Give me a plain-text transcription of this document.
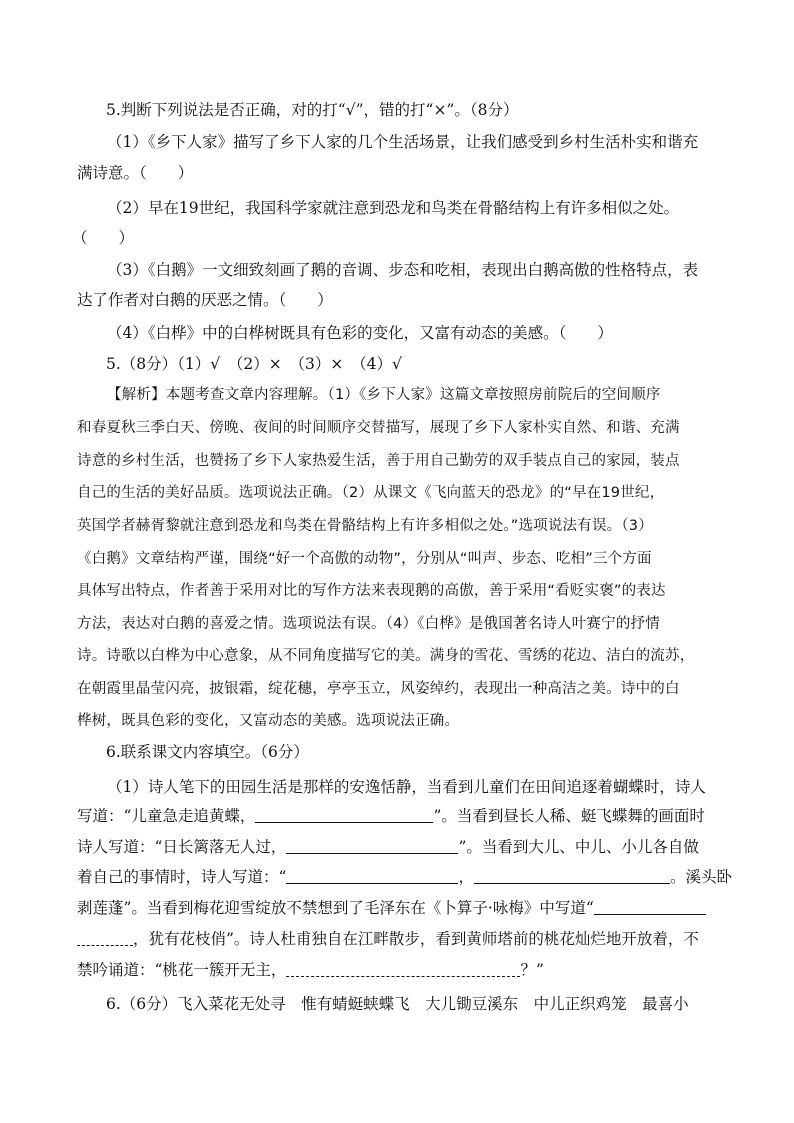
5.判断下列说法是否正确，对的打“√”，错的打“×”。（8分）
（1）《乡下人家》描写了乡下人家的几个生活场景，让我们感受到乡村生活朴实和谐充
满诗意。（　　）
（2）早在19世纪，我国科学家就注意到恐龙和鸟类在骨骼结构上有许多相似之处。
（　　）
（3）《白鹅》一文细致刻画了鹅的音调、步态和吃相，表现出白鹅高傲的性格特点，表
达了作者对白鹅的厌恶之情。（　　）
（4）《白桦》中的白桦树既具有色彩的变化，又富有动态的美感。（　　）
5.（8分）（1）√　（2）×　（3）×　（4）√
【解析】本题考查文章内容理解。（1）《乡下人家》这篇文章按照房前院后的空间顺序
和春夏秋三季白天、傍晚、夜间的时间顺序交替描写，展现了乡下人家朴实自然、和谐、充满
诗意的乡村生活，也赞扬了乡下人家热爱生活，善于用自己勤劳的双手装点自己的家园，装点
自己的生活的美好品质。选项说法正确。（2）从课文《飞向蓝天的恐龙》的“早在19世纪，
英国学者赫胥黎就注意到恐龙和鸟类在骨骼结构上有许多相似之处。”选项说法有误。（3）
《白鹅》文章结构严谨，围绕“好一个高傲的动物”，分别从“叫声、步态、吃相”三个方面
具体写出特点，作者善于采用对比的写作方法来表现鹅的高傲，善于采用“看贬实褒”的表达
方法，表达对白鹅的喜爱之情。选项说法有误。（4）《白桦》是俄国著名诗人叶赛宁的抒情
诗。诗歌以白桦为中心意象，从不同角度描写它的美。满身的雪花、雪绣的花边、洁白的流苏，
在朝霞里晶莹闪亮，披银霜，绽花穗，亭亭玉立，风姿绰约，表现出一种高洁之美。诗中的白
桦树，既具色彩的变化，又富动态的美感。选项说法正确。
6.联系课文内容填空。（6分）
（1）诗人笔下的田园生活是那样的安逸恬静，当看到儿童们在田间追逐着蝴蝶时，诗人
写道：“儿童急走追黄蝶，	”。当看到昼长人稀、蜓飞蝶舞的画面时
诗人写道：“日长篱落无人过，	”。当看到大儿、中儿、小儿各自做
着自己的事情时，诗人写道：“	，	。溪头卧
剥莲蓬”。当看到梅花迎雪绽放不禁想到了毛泽东在《卜算子·咏梅》中写道“
，犹有花枝俏”。诗人杜甫独自在江畔散步，看到黄师塔前的桃花灿烂地开放着，不
禁吟诵道：“桃花一簇开无主，	？”
6.（6分）飞入菜花无处寻　惟有蜻蜓蛱蝶飞　大儿锄豆溪东　中儿正织鸡笼　最喜小
